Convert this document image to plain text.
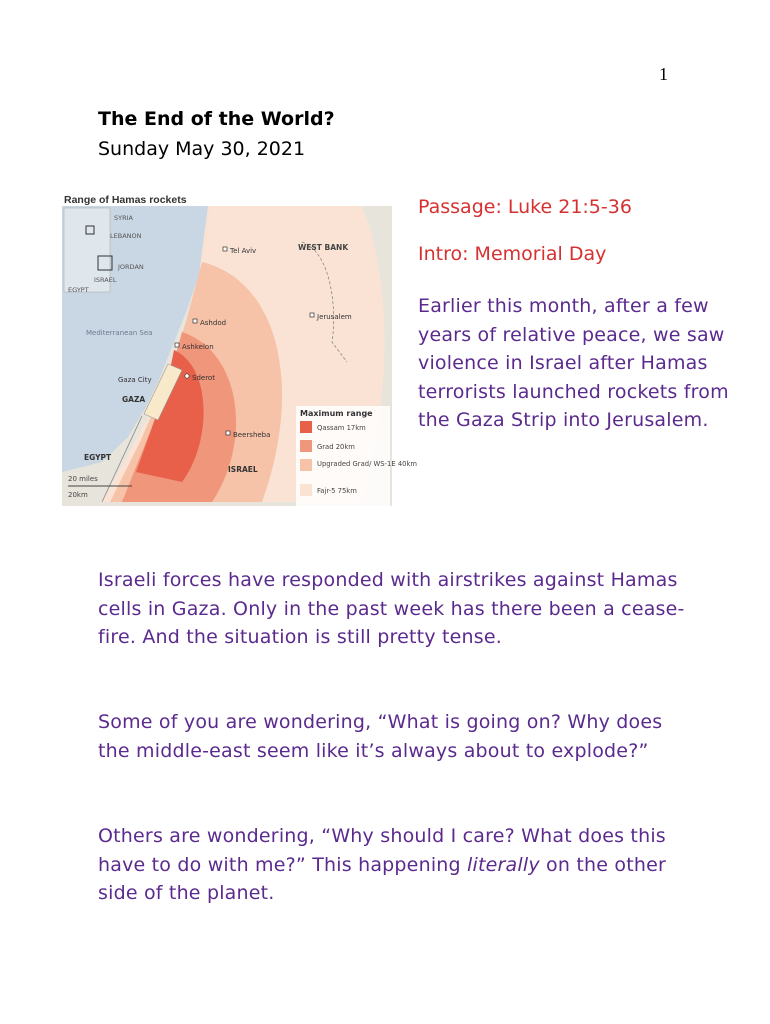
1
The End of the World?
Sunday May 30, 2021
Range of Hamas rockets
SYRIA
LEBANON
JORDAN
ISRAEL
EGYPT
Tel Aviv	WEST BANK
Jerusalem
Ashdod
Ashkelon
Mediterranean Sea
Sderot
Gaza City
GAZA
Beersheba
EGYPT
ISRAEL
20 miles
20km
Maximum range
Qassam 17km
Grad 20km
Upgraded Grad/ WS-1E 40km
Fajr-5 75km

Passage: Luke 21:5-36

Intro: Memorial Day

Earlier this month, after a few years of relative peace, we saw violence in Israel after Hamas terrorists launched rockets from the Gaza Strip into Jerusalem.

Israeli forces have responded with airstrikes against Hamas cells in Gaza. Only in the past week has there been a cease-fire. And the situation is still pretty tense.
Some of you are wondering, “What is going on? Why does the middle-east seem like it’s always about to explode?”
Others are wondering, “Why should I care? What does this have to do with me?” This happening literally on the other side of the planet.
